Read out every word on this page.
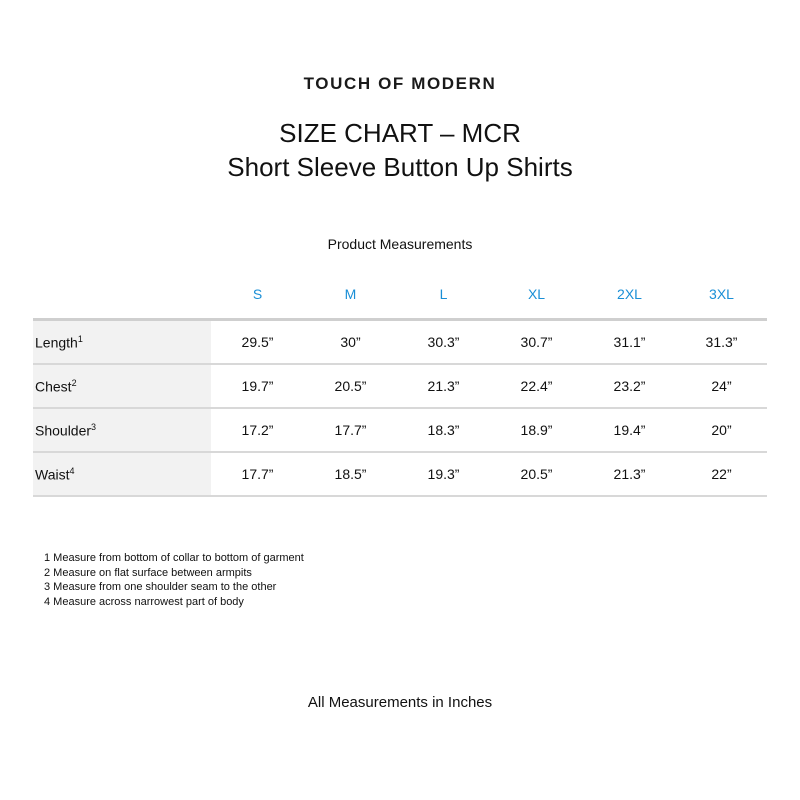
TOUCH OF MODERN
SIZE CHART – MCR
Short Sleeve Button Up Shirts
Product Measurements
	S	M	L	XL	2XL	3XL
Length$^1$	29.5”	30”	30.3”	30.7”	31.1”	31.3”
Chest$^2$	19.7”	20.5”	21.3”	22.4”	23.2”	24”
Shoulder$^3$	17.2”	17.7”	18.3”	18.9”	19.4”	20”
Waist$^4$	17.7”	18.5”	19.3”	20.5”	21.3”	22”
1 Measure from bottom of collar to bottom of garment
2 Measure on flat surface between armpits
3 Measure from one shoulder seam to the other
4 Measure across narrowest part of body
All Measurements in Inches
